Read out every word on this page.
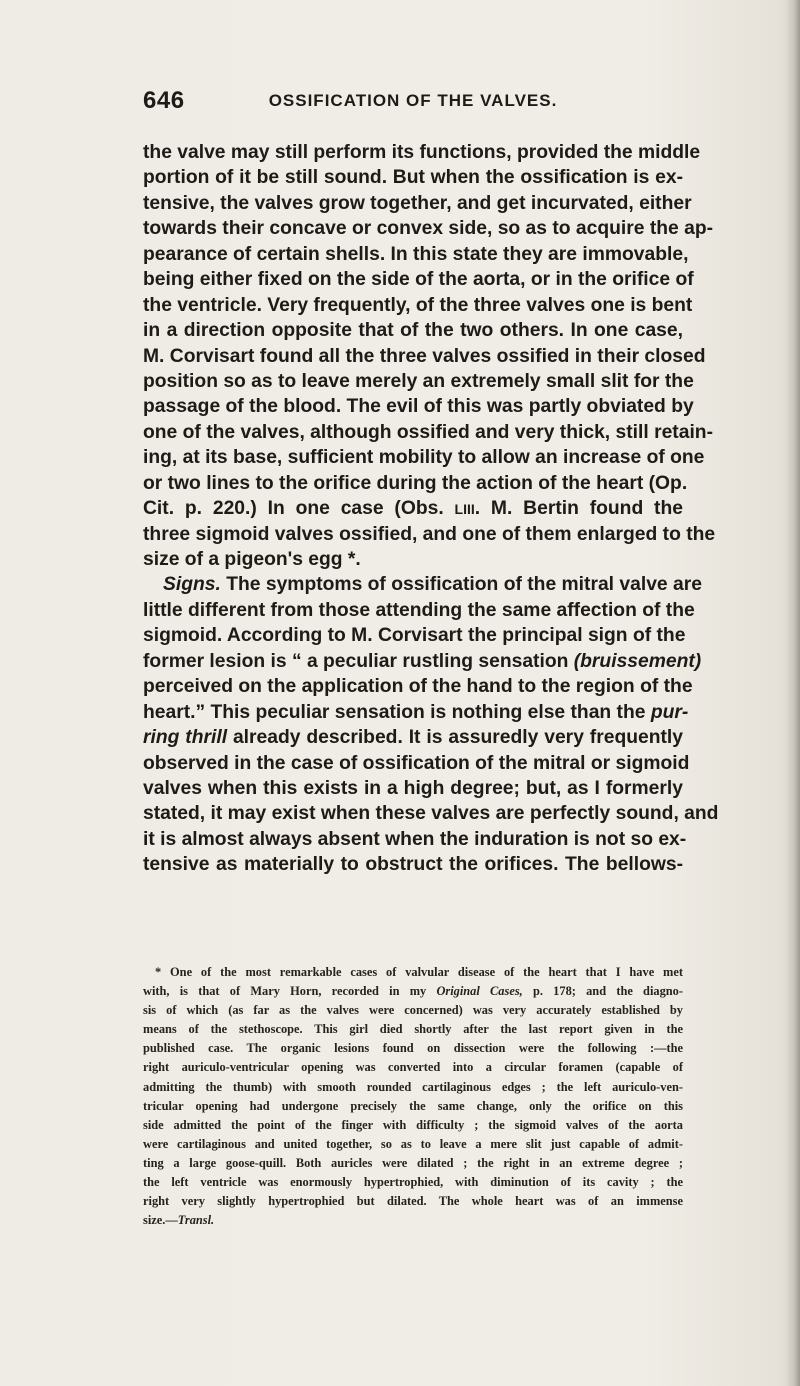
646	OSSIFICATION OF THE VALVES.
the valve may still perform its functions, provided the middle
portion of it be still sound. But when the ossification is ex-
tensive, the valves grow together, and get incurvated, either
towards their concave or convex side, so as to acquire the ap-
pearance of certain shells. In this state they are immovable,
being either fixed on the side of the aorta, or in the orifice of
the ventricle. Very frequently, of the three valves one is bent
in a direction opposite that of the two others. In one case,
M. Corvisart found all the three valves ossified in their closed
position so as to leave merely an extremely small slit for the
passage of the blood. The evil of this was partly obviated by
one of the valves, although ossified and very thick, still retain-
ing, at its base, sufficient mobility to allow an increase of one
or two lines to the orifice during the action of the heart (Op.
Cit. p. 220.) In one case (Obs. liii. M. Bertin found the
three sigmoid valves ossified, and one of them enlarged to the
size of a pigeon's egg *.
Signs. The symptoms of ossification of the mitral valve are
little different from those attending the same affection of the
sigmoid. According to M. Corvisart the principal sign of the
former lesion is “ a peculiar rustling sensation (bruissement)
perceived on the application of the hand to the region of the
heart.” This peculiar sensation is nothing else than the pur-
ring thrill already described. It is assuredly very frequently
observed in the case of ossification of the mitral or sigmoid
valves when this exists in a high degree; but, as I formerly
stated, it may exist when these valves are perfectly sound, and
it is almost always absent when the induration is not so ex-
tensive as materially to obstruct the orifices. The bellows-
* One of the most remarkable cases of valvular disease of the heart that I have met
with, is that of Mary Horn, recorded in my Original Cases, p. 178; and the diagno-
sis of which (as far as the valves were concerned) was very accurately established by
means of the stethoscope. This girl died shortly after the last report given in the
published case. The organic lesions found on dissection were the following :—the
right auriculo-ventricular opening was converted into a circular foramen (capable of
admitting the thumb) with smooth rounded cartilaginous edges ; the left auriculo-ven-
tricular opening had undergone precisely the same change, only the orifice on this
side admitted the point of the finger with difficulty ; the sigmoid valves of the aorta
were cartilaginous and united together, so as to leave a mere slit just capable of admit-
ting a large goose-quill. Both auricles were dilated ; the right in an extreme degree ;
the left ventricle was enormously hypertrophied, with diminution of its cavity ; the
right very slightly hypertrophied but dilated. The whole heart was of an immense
size.—Transl.
